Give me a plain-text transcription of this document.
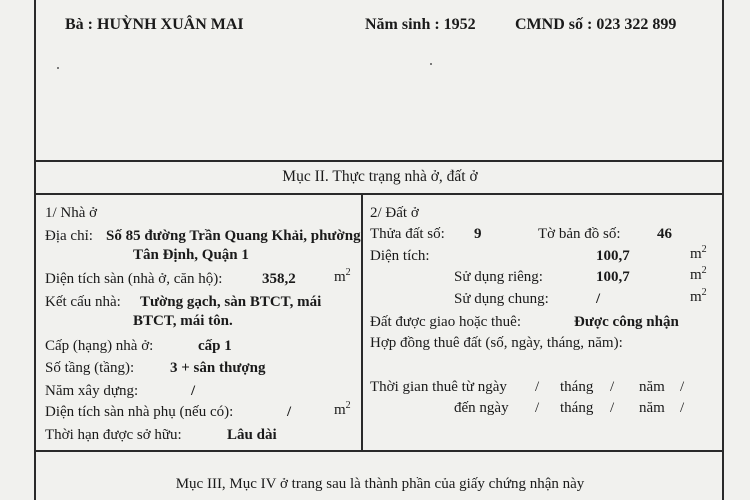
Bà : HUỲNH XUÂN MAI	Năm sinh : 1952 CMND số : 023 322 899
Mục II. Thực trạng nhà ở, đất ở
1/ Nhà ở
Địa chỉ: Số 85 đường Trần Quang Khải, phường
Tân Định, Quận 1
Diện tích sàn (nhà ở, căn hộ):	358,2	$m^2$
Kết cấu nhà: Tường gạch, sàn BTCT, mái
BTCT, mái tôn.
Cấp (hạng) nhà ở:	cấp 1
Số tầng (tầng): 3 + sân thượng
Năm xây dựng:	/
Diện tích sàn nhà phụ (nếu có):	/	$m^2$
Thời hạn được sở hữu:	Lâu dài
2/ Đất ở
Thửa đất số: 9	Tờ bản đồ số: 46
Diện tích:	100,7	$m^2$
Sử dụng riêng:	100,7	$m^2$
Sử dụng chung:	/	$m^2$
Đất được giao hoặc thuê:	Được công nhận
Hợp đồng thuê đất (số, ngày, tháng, năm):
Thời gian thuê từ ngày / tháng / năm /
đến ngày / tháng / năm /
Mục III, Mục IV ở trang sau là thành phần của giấy chứng nhận này
